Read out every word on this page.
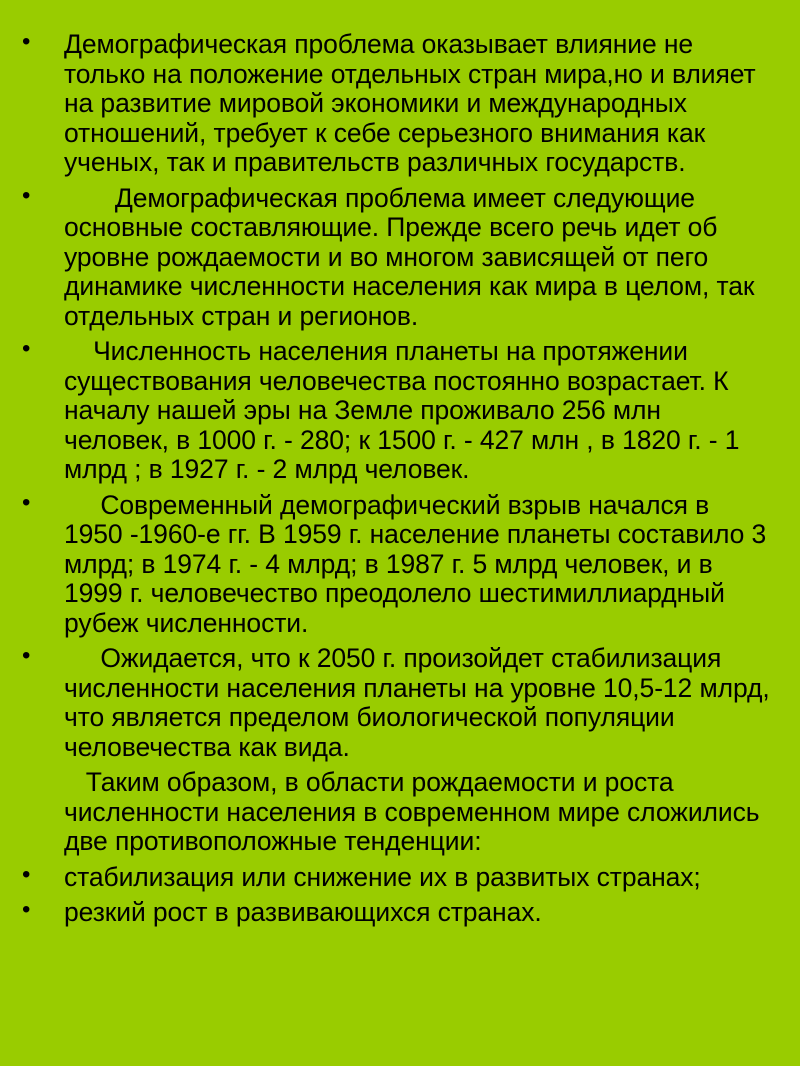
• Демографическая проблема оказывает влияние не только на положение отдельных стран мира,но и влияет на развитие мировой экономики и международных отношений, требует к себе серьезного внимания как ученых, так и правительств различных государств.
• Демографическая проблема имеет следующие основные составляющие. Прежде всего речь идет об уровне рождаемости и во многом зависящей от пего динамике численности населения как мира в целом, так отдельных стран и регионов.
• Численность населения планеты на протяжении существования человечества постоянно возрастает. К началу нашей эры на Земле проживало 256 млн человек, в 1000 г. - 280; к 1500 г. - 427 млн , в 1820 г. - 1 млрд ; в 1927 г. - 2 млрд человек.
• Современный демографический взрыв начался в 1950 -1960-е гг. В 1959 г. население планеты составило 3 млрд; в 1974 г. - 4 млрд; в 1987 г. 5 млрд человек, и в 1999 г. человечество преодолело шестимиллиардный рубеж численности.
• Ожидается, что к 2050 г. произойдет стабилизация численности населения планеты на уровне 10,5-12 млрд, что является пределом биологической популяции человечества как вида.
Таким образом, в области рождаемости и роста численности населения в современном мире сложились две противоположные тенденции:
• стабилизация или снижение их в развитых странах;
• резкий рост в развивающихся странах.
